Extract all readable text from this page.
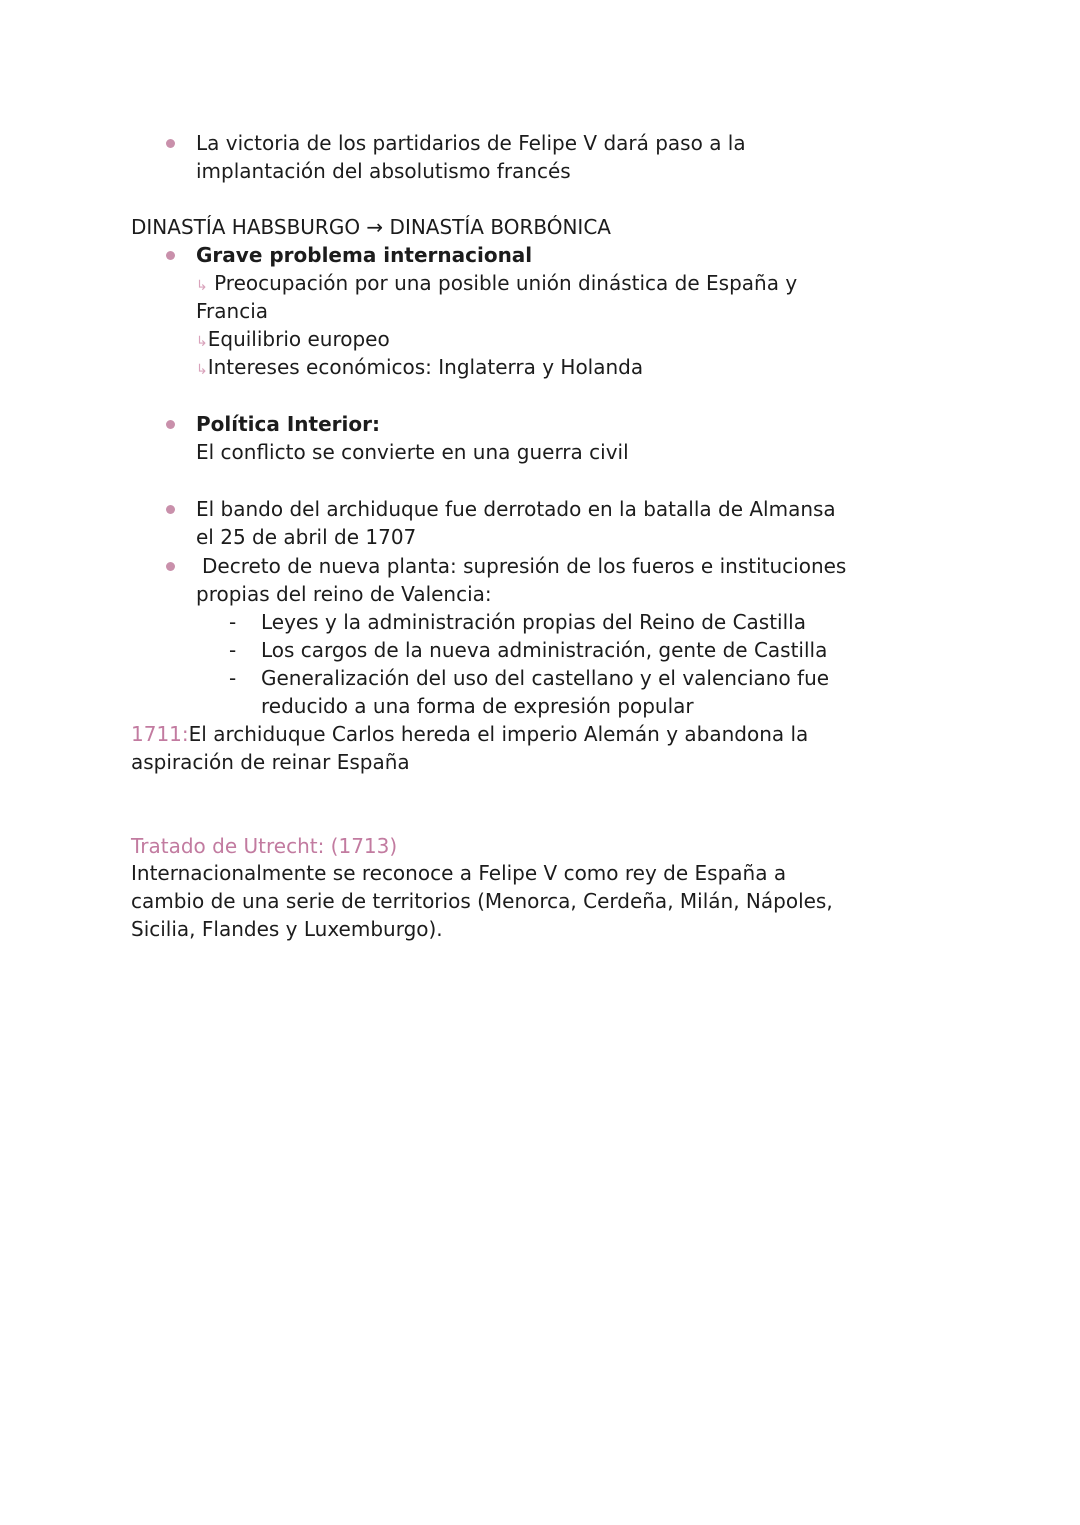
La victoria de los partidarios de Felipe V dará paso a la
implantación del absolutismo francés
DINASTÍA HABSBURGO → DINASTÍA BORBÓNICA
Grave problema internacional
↳ Preocupación por una posible unión dinástica de España y
Francia
↳Equilibrio europeo
↳Intereses económicos: Inglaterra y Holanda
Política Interior:
El conflicto se convierte en una guerra civil
El bando del archiduque fue derrotado en la batalla de Almansa
el 25 de abril de 1707
Decreto de nueva planta: supresión de los fueros e instituciones
propias del reino de Valencia:
- Leyes y la administración propias del Reino de Castilla
- Los cargos de la nueva administración, gente de Castilla
- Generalización del uso del castellano y el valenciano fue
reducido a una forma de expresión popular
1711:El archiduque Carlos hereda el imperio Alemán y abandona la
aspiración de reinar España
Tratado de Utrecht: (1713)
Internacionalmente se reconoce a Felipe V como rey de España a
cambio de una serie de territorios (Menorca, Cerdeña, Milán, Nápoles,
Sicilia, Flandes y Luxemburgo).
